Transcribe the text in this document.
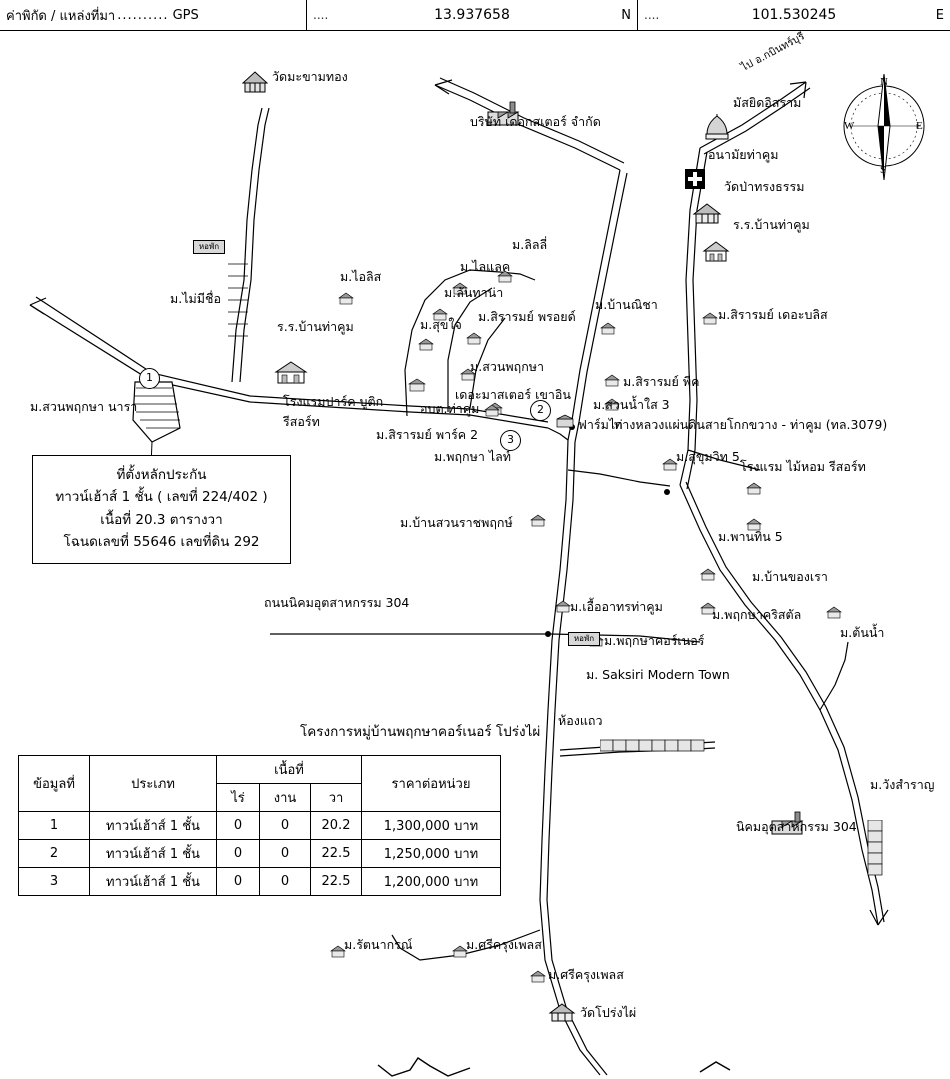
ค่าพิกัด / แหล่งที่มา .......... GPS	....	13.937658	N ....	101.530245	E
หอพัก
หอพัก
1
2
3
วัดมะขามทอง
บริษัท เดอกสเตอร์ จำกัด
มัสยิดอิสราม
อนามัยท่าคูม
วัดป่าทรงธรรม
ร.ร.บ้านท่าคูม
ไป อ.กบินทร์บุรี
ม.ลิลลี่
ม.ไลแลค
ม.ไอลิส
ม.ลันทาน่า
ม.สุขใจ
ม.สิรารมย์ พรอยด์
ม.บ้านณิชา
ม.สิรารมย์ เดอะบลิส
ม.ไม่มีชื่อ
ร.ร.บ้านท่าคูม
ม.สวนพฤกษา
เดอะมาสเตอร์ เขาอิน
ม.สิรารมย์ พีค
ม.สวนน้ำใส 3
โรงแรมปาร์ค บูติก
รีสอร์ท
อบต.ท่าคูม
ม.สวนพฤกษา นารา
ม.สิรารมย์ พาร์ค 2
ม.พฤกษา ไลท์
ฟาร์มไก่
ทางหลวงแผ่นดินสายโกกขวาง - ท่าคูม (ทล.3079)
ม.สุขุมวิท 5
โรงแรม ไม้หอม รีสอร์ท
ม.พานทิน 5
ม.บ้านสวนราชพฤกษ์
ม.บ้านของเรา
ม.พฤกษาคริสตัล
ม.ต้นน้ำ
ถนนนิคมอุตสาหกรรม 304	ม.เอื้ออาทรท่าคูม
ม.พฤกษาคอร์เนอร์
ม. Saksiri Modern Town
ห้องแถว
นิคมอุตสาหกรรม 304
ม.วังสำราญ
ม.รัตนากรณ์	ม.ศรีครุงเพลส
ม.ศรีครุงเพลส
วัดโปร่งไผ่
N
S
E
W
ที่ตั้งหลักประกัน
ทาวน์เฮ้าส์ 1 ชั้น ( เลขที่ 224/402 )
เนื้อที่ 20.3 ตารางวา
โฉนดเลขที่ 55646 เลขที่ดิน 292
โครงการหมู่บ้านพฤกษาคอร์เนอร์ โปร่งไผ่
ข้อมูลที่	ประเภท	เนื้อที่			ราคาต่อหน่วย
		ไร่	งาน	วา	
1	ทาวน์เฮ้าส์ 1 ชั้น	0	0	20.2	1,300,000 บาท
2	ทาวน์เฮ้าส์ 1 ชั้น	0	0	22.5	1,250,000 บาท
3	ทาวน์เฮ้าส์ 1 ชั้น	0	0	22.5	1,200,000 บาท
